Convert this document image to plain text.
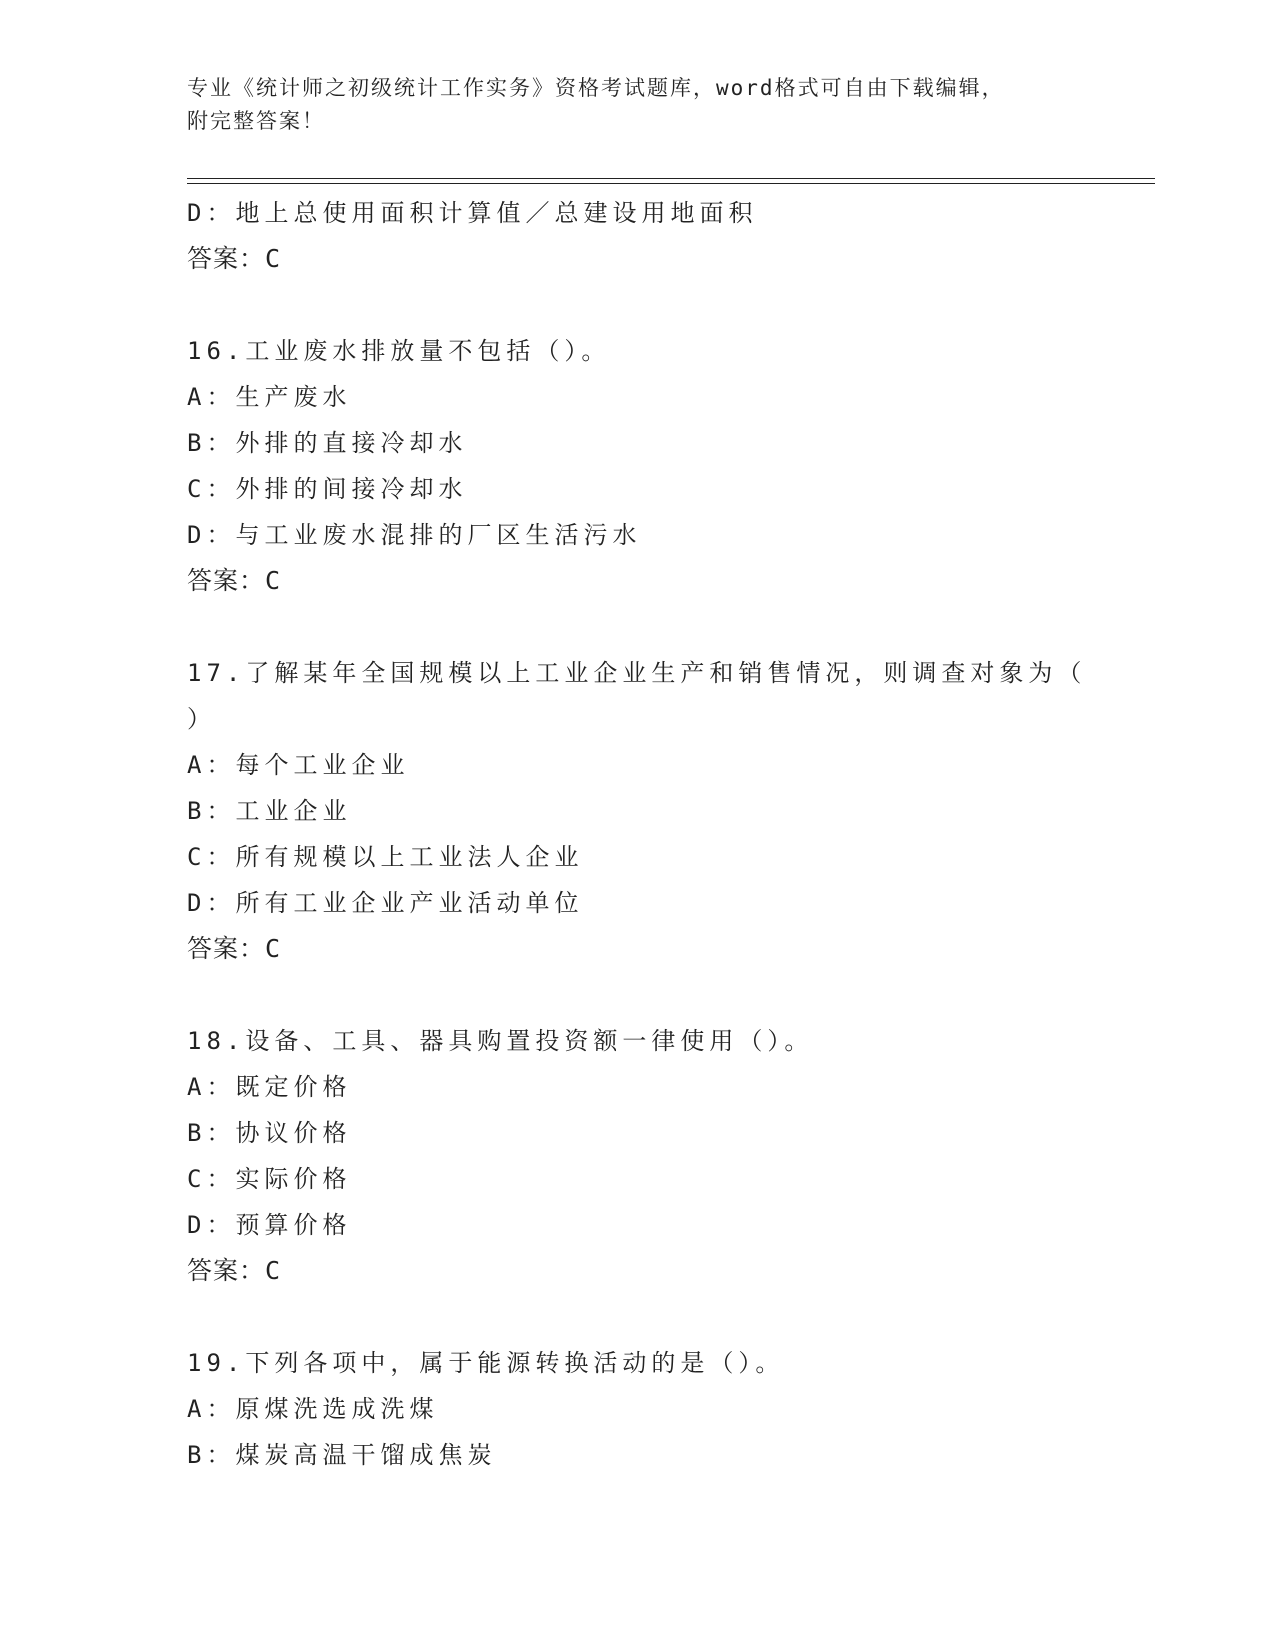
专业《统计师之初级统计工作实务》资格考试题库，word格式可自由下载编辑，
附完整答案！
D：地上总使用面积计算值／总建设用地面积
答案：C
16.工业废水排放量不包括（）。
A：生产废水
B：外排的直接冷却水
C：外排的间接冷却水
D：与工业废水混排的厂区生活污水
答案：C
17.了解某年全国规模以上工业企业生产和销售情况，则调查对象为（
）
A：每个工业企业
B：工业企业
C：所有规模以上工业法人企业
D：所有工业企业产业活动单位
答案：C
18.设备、工具、器具购置投资额一律使用（）。
A：既定价格
B：协议价格
C：实际价格
D：预算价格
答案：C
19.下列各项中，属于能源转换活动的是（）。
A：原煤洗选成洗煤
B：煤炭高温干馏成焦炭
